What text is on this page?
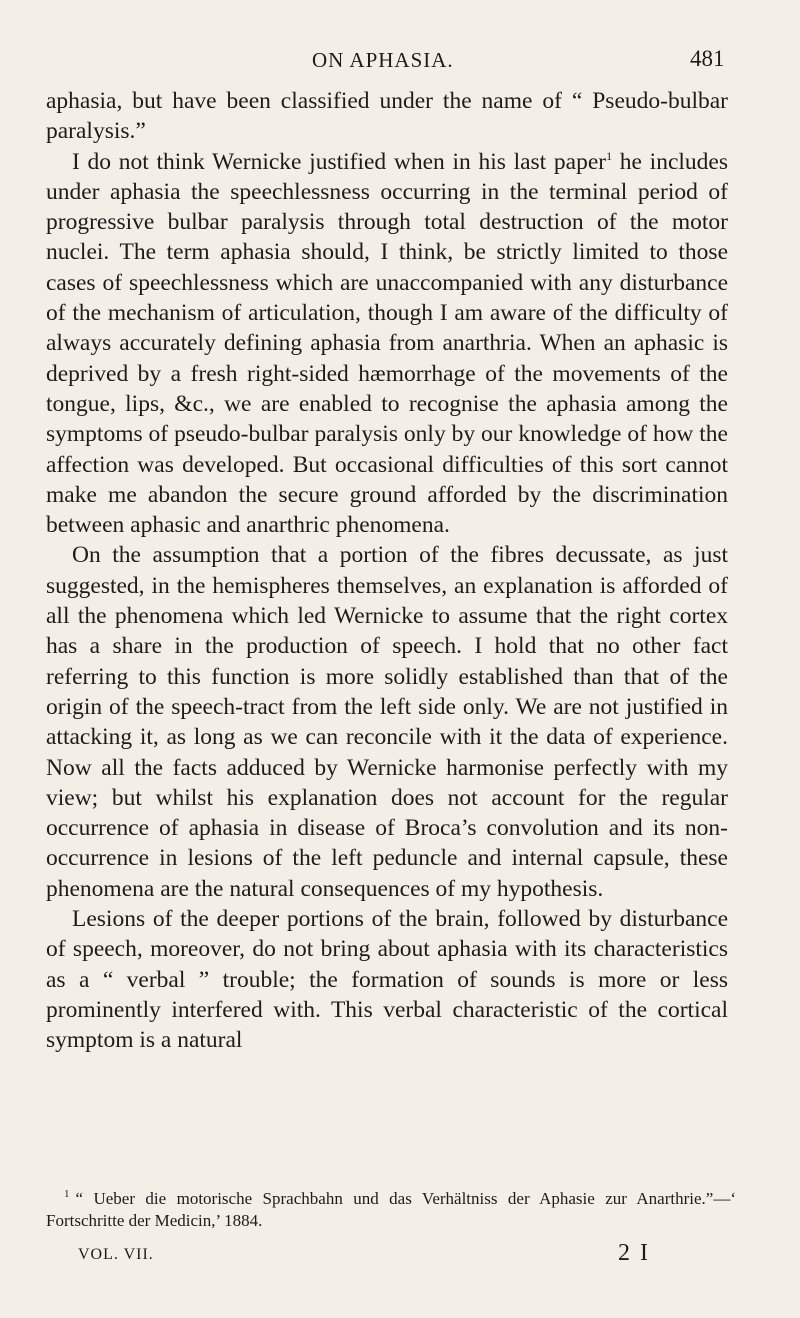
ON APHASIA.	481

aphasia, but have been classified under the name of “ Pseudo-bulbar paralysis.”

I do not think Wernicke justified when in his last paper$^1$ he includes under aphasia the speechlessness occurring in the terminal period of progressive bulbar paralysis through total destruction of the motor nuclei. The term aphasia should, I think, be strictly limited to those cases of speechlessness which are unaccompanied with any disturbance of the mechanism of articulation, though I am aware of the difficulty of always accurately defining aphasia from anarthria. When an aphasic is deprived by a fresh right-sided hæmorrhage of the movements of the tongue, lips, &c., we are enabled to recognise the aphasia among the symptoms of pseudo-bulbar paralysis only by our knowledge of how the affection was developed. But occasional difficulties of this sort cannot make me abandon the secure ground afforded by the discrimination between aphasic and anarthric phenomena.

On the assumption that a portion of the fibres decussate, as just suggested, in the hemispheres themselves, an explanation is afforded of all the phenomena which led Wernicke to assume that the right cortex has a share in the production of speech. I hold that no other fact referring to this function is more solidly established than that of the origin of the speech-tract from the left side only. We are not justified in attacking it, as long as we can reconcile with it the data of experience. Now all the facts adduced by Wernicke harmonise perfectly with my view; but whilst his explanation does not account for the regular occurrence of aphasia in disease of Broca’s convolution and its non-occurrence in lesions of the left peduncle and internal capsule, these phenomena are the natural consequences of my hypothesis.

Lesions of the deeper portions of the brain, followed by disturbance of speech, moreover, do not bring about aphasia with its characteristics as a “ verbal ” trouble; the formation of sounds is more or less prominently interfered with. This verbal characteristic of the cortical symptom is a natural

$^1$ “ Ueber die motorische Sprachbahn und das Verhältniss der Aphasie zur Anarthrie.”—‘ Fortschritte der Medicin,’ 1884.
VOL. VII.	2 I
